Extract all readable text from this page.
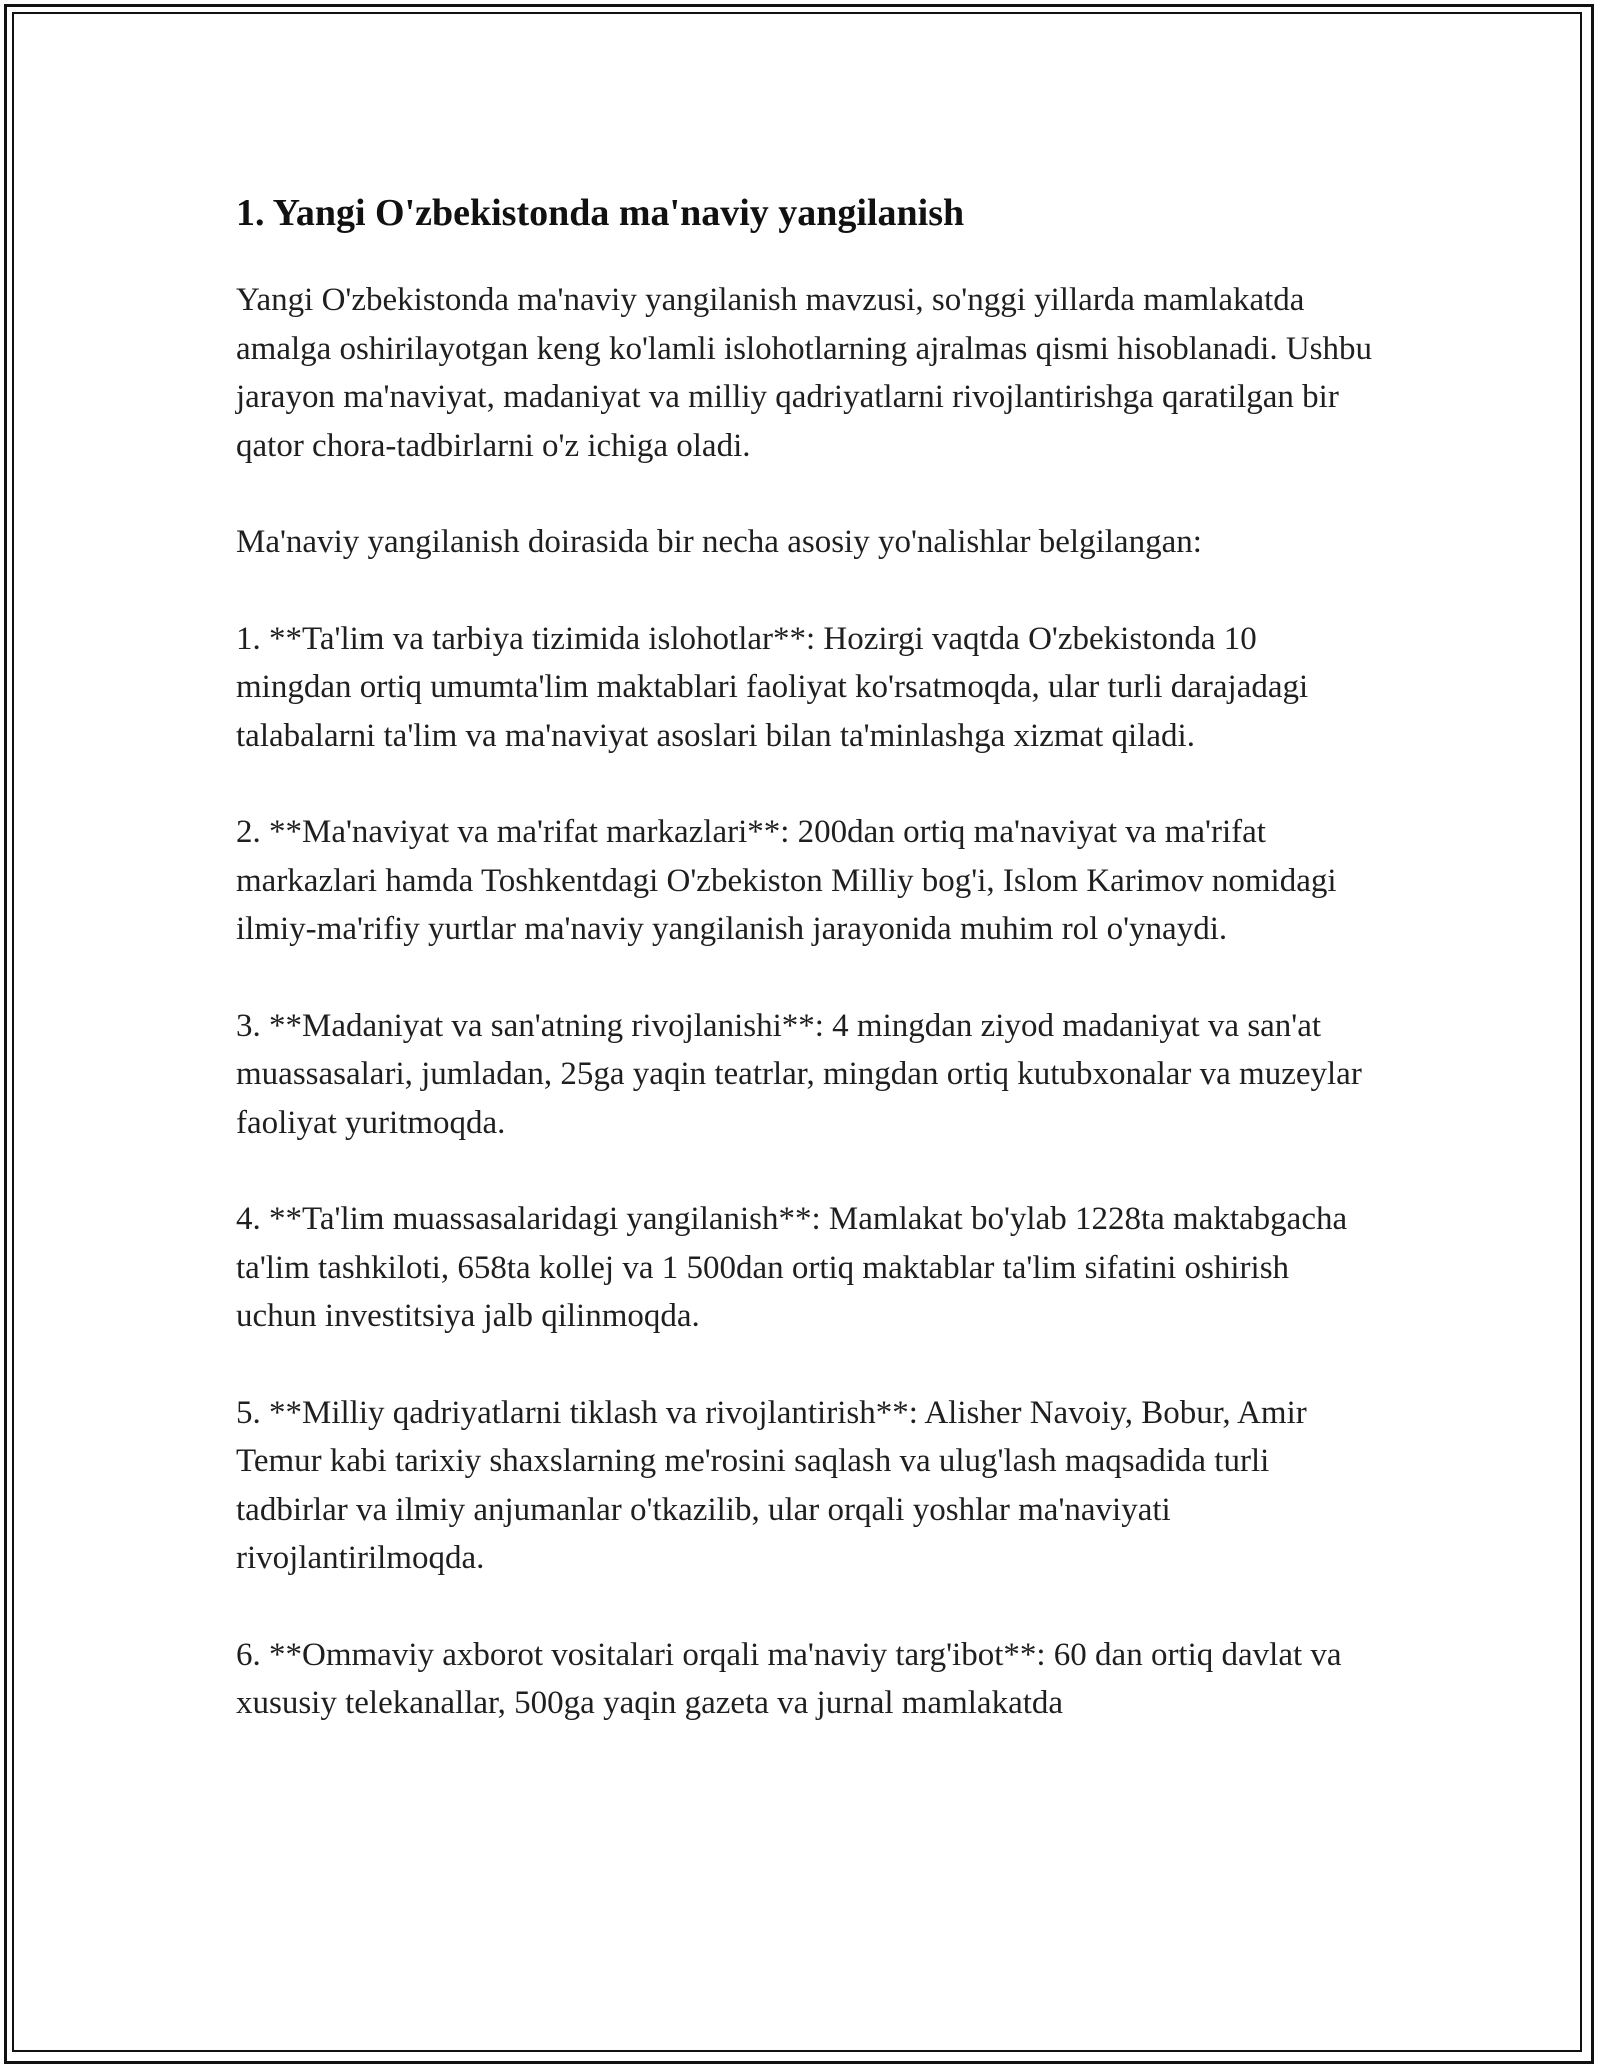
1. Yangi O'zbekistonda ma'naviy yangilanish

Yangi O'zbekistonda ma'naviy yangilanish mavzusi, so'nggi yillarda mamlakatda amalga oshirilayotgan keng ko'lamli islohotlarning ajralmas qismi hisoblanadi. Ushbu jarayon ma'naviyat, madaniyat va milliy qadriyatlarni rivojlantirishga qaratilgan bir qator chora-tadbirlarni o'z ichiga oladi.

Ma'naviy yangilanish doirasida bir necha asosiy yo'nalishlar belgilangan:

1. **Ta'lim va tarbiya tizimida islohotlar**: Hozirgi vaqtda O'zbekistonda 10 mingdan ortiq umumta'lim maktablari faoliyat ko'rsatmoqda, ular turli darajadagi talabalarni ta'lim va ma'naviyat asoslari bilan ta'minlashga xizmat qiladi.

2. **Ma'naviyat va ma'rifat markazlari**: 200dan ortiq ma'naviyat va ma'rifat markazlari hamda Toshkentdagi O'zbekiston Milliy bog'i, Islom Karimov nomidagi ilmiy-ma'rifiy yurtlar ma'naviy yangilanish jarayonida muhim rol o'ynaydi.

3. **Madaniyat va san'atning rivojlanishi**: 4 mingdan ziyod madaniyat va san'at muassasalari, jumladan, 25ga yaqin teatrlar, mingdan ortiq kutubxonalar va muzeylar faoliyat yuritmoqda.

4. **Ta'lim muassasalaridagi yangilanish**: Mamlakat bo'ylab 1228ta maktabgacha ta'lim tashkiloti, 658ta kollej va 1 500dan ortiq maktablar ta'lim sifatini oshirish uchun investitsiya jalb qilinmoqda.

5. **Milliy qadriyatlarni tiklash va rivojlantirish**: Alisher Navoiy, Bobur, Amir Temur kabi tarixiy shaxslarning me'rosini saqlash va ulug'lash maqsadida turli tadbirlar va ilmiy anjumanlar o'tkazilib, ular orqali yoshlar ma'naviyati rivojlantirilmoqda.

6. **Ommaviy axborot vositalari orqali ma'naviy targ'ibot**: 60 dan ortiq davlat va xususiy telekanallar, 500ga yaqin gazeta va jurnal mamlakatda
